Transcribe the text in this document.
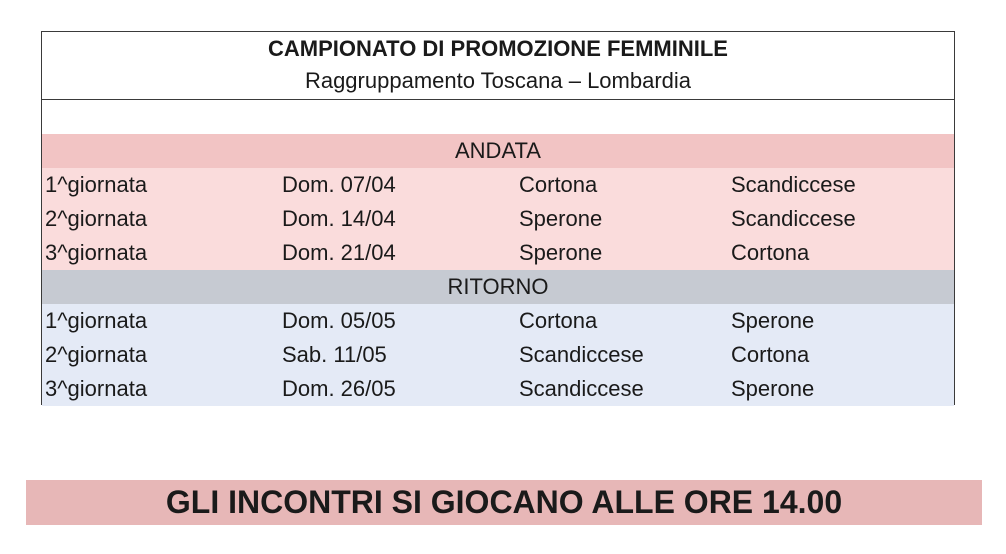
CAMPIONATO DI PROMOZIONE FEMMINILE
Raggruppamento Toscana – Lombardia
ANDATA
1^giornata	Dom. 07/04	Cortona	Scandiccese
2^giornata	Dom. 14/04	Sperone	Scandiccese
3^giornata	Dom. 21/04	Sperone	Cortona
RITORNO
1^giornata	Dom. 05/05	Cortona	Sperone
2^giornata	Sab. 11/05	Scandiccese	Cortona
3^giornata	Dom. 26/05	Scandiccese	Sperone
GLI INCONTRI SI GIOCANO ALLE ORE 14.00
